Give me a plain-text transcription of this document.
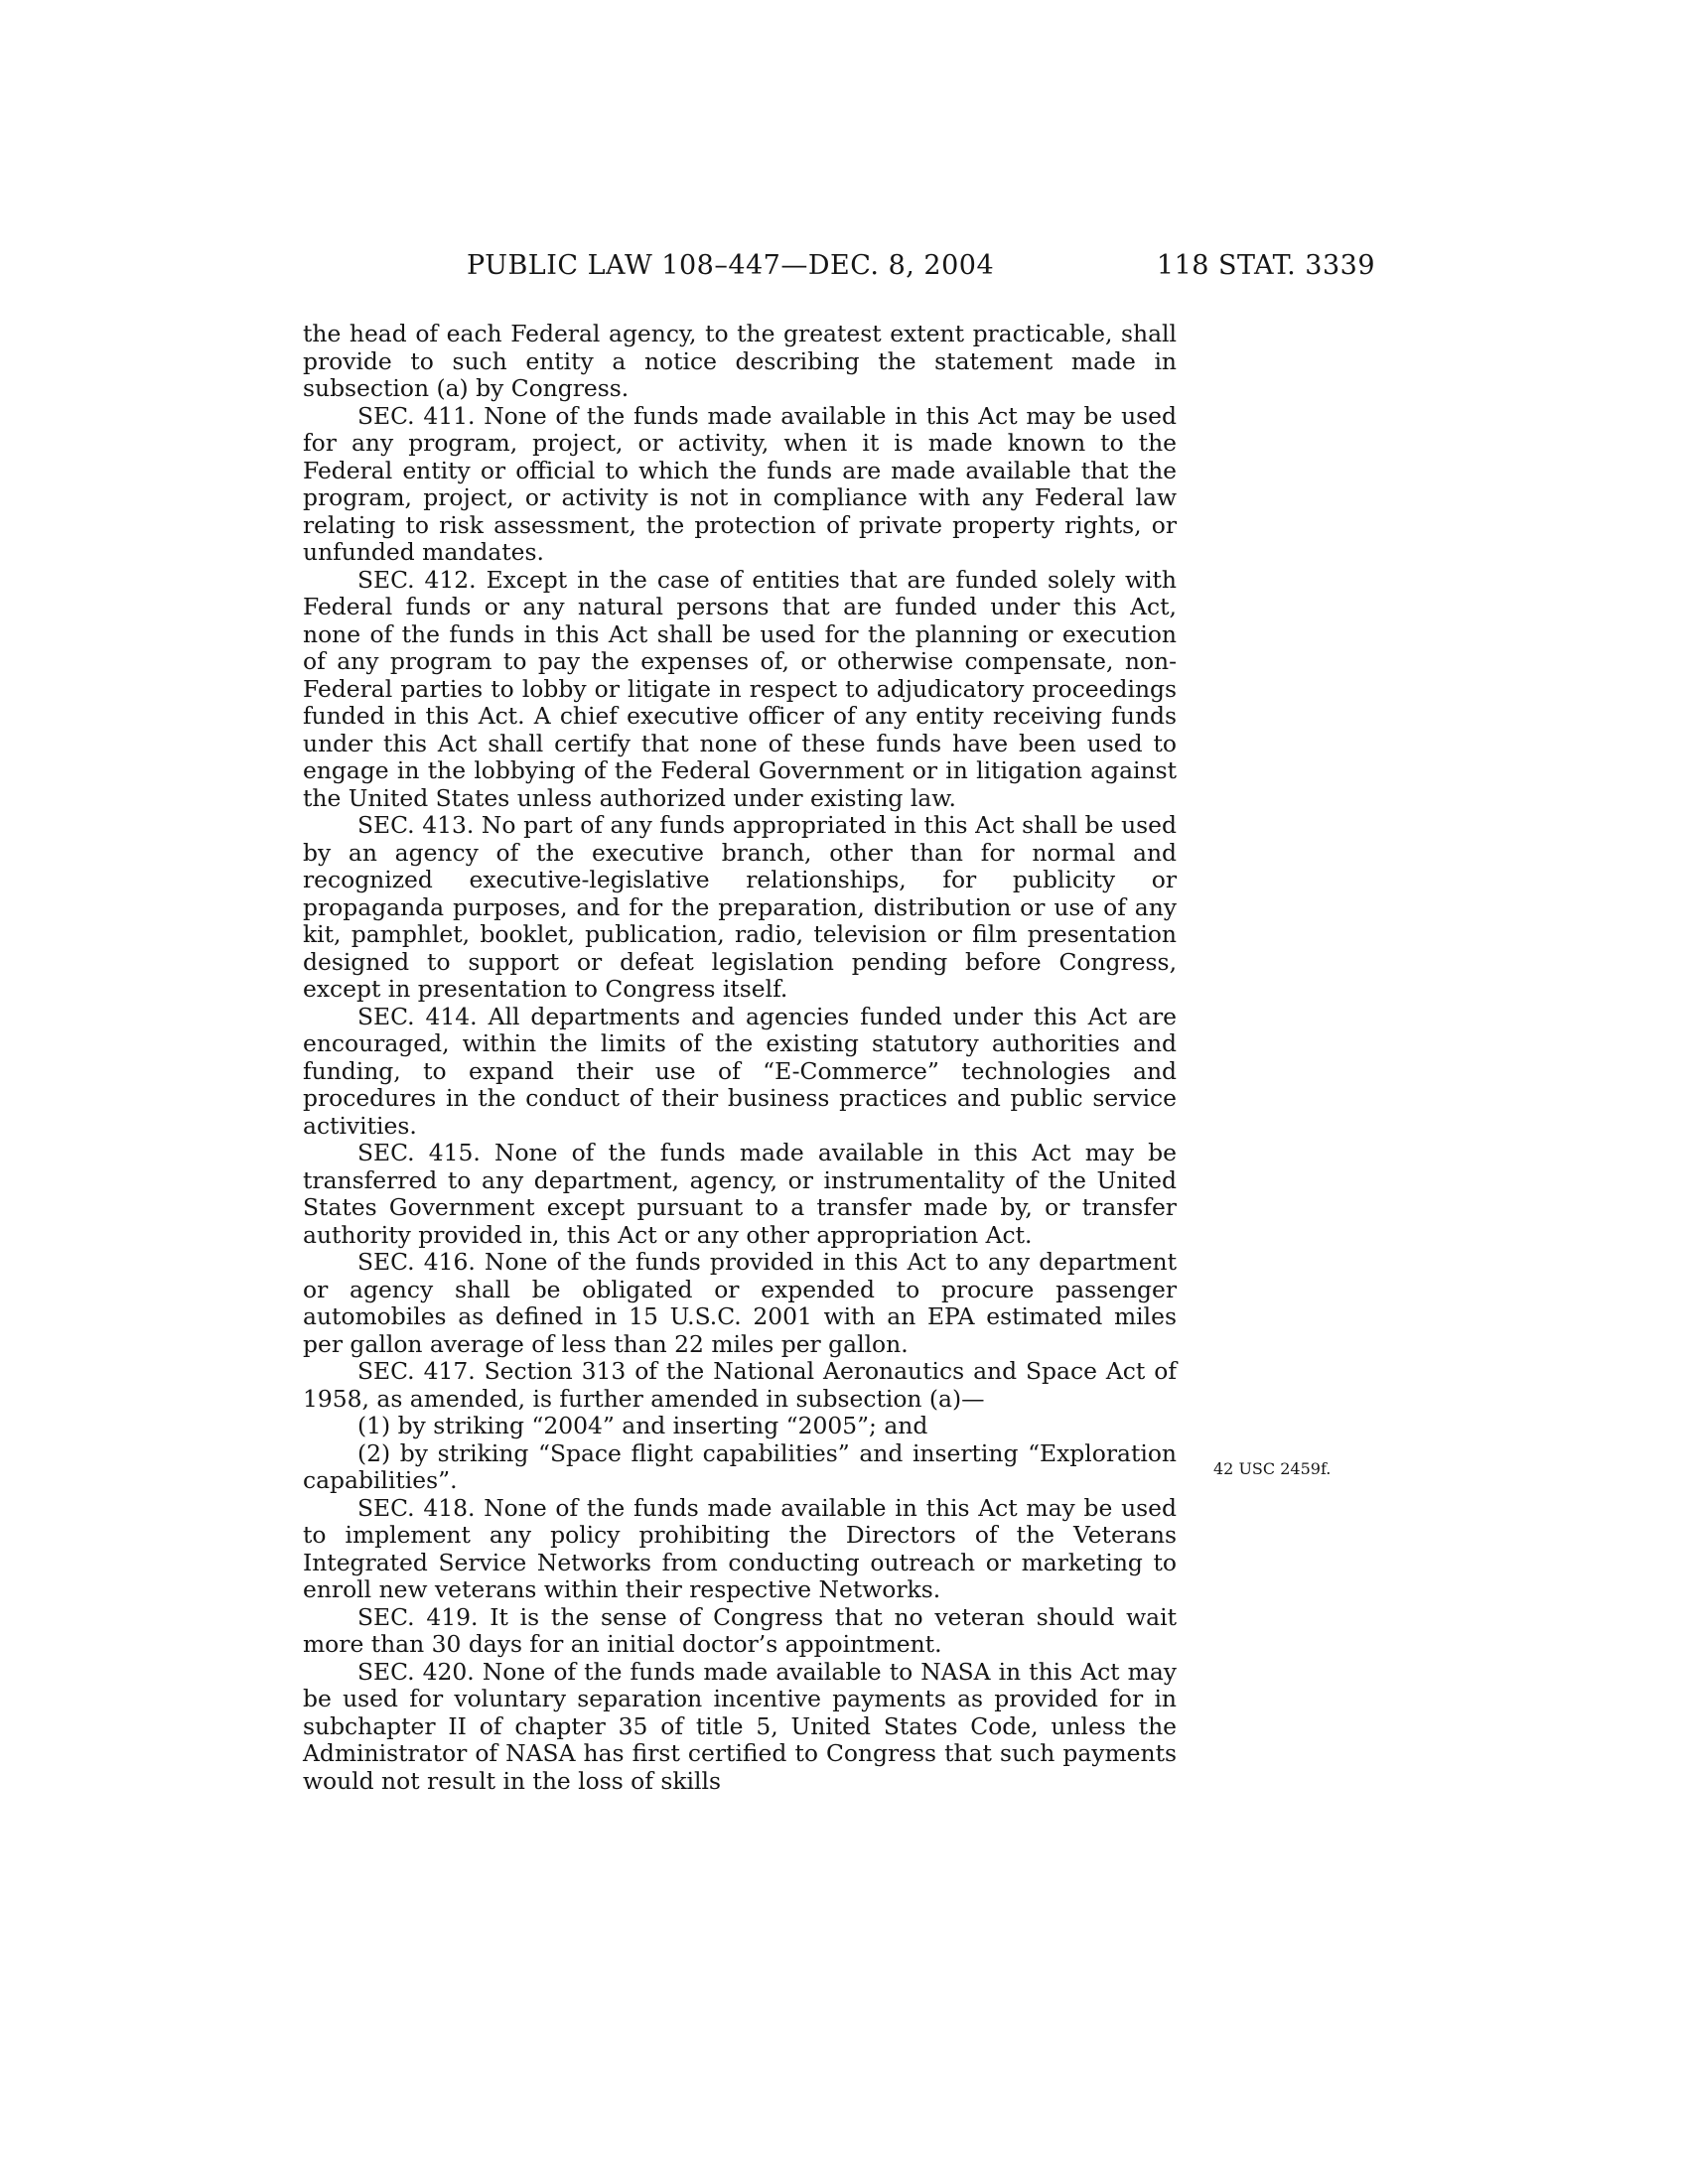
PUBLIC LAW 108–447—DEC. 8, 2004	118 STAT. 3339

the head of each Federal agency, to the greatest extent practicable, shall provide to such entity a notice describing the statement made in subsection (a) by Congress.

SEC. 411. None of the funds made available in this Act may be used for any program, project, or activity, when it is made known to the Federal entity or official to which the funds are made available that the program, project, or activity is not in compliance with any Federal law relating to risk assessment, the protection of private property rights, or unfunded mandates.

SEC. 412. Except in the case of entities that are funded solely with Federal funds or any natural persons that are funded under this Act, none of the funds in this Act shall be used for the planning or execution of any program to pay the expenses of, or otherwise compensate, non-Federal parties to lobby or litigate in respect to adjudicatory proceedings funded in this Act. A chief executive officer of any entity receiving funds under this Act shall certify that none of these funds have been used to engage in the lobbying of the Federal Government or in litigation against the United States unless authorized under existing law.

SEC. 413. No part of any funds appropriated in this Act shall be used by an agency of the executive branch, other than for normal and recognized executive-legislative relationships, for publicity or propaganda purposes, and for the preparation, distribution or use of any kit, pamphlet, booklet, publication, radio, television or film presentation designed to support or defeat legislation pending before Congress, except in presentation to Congress itself.

SEC. 414. All departments and agencies funded under this Act are encouraged, within the limits of the existing statutory authorities and funding, to expand their use of “E-Commerce” technologies and procedures in the conduct of their business practices and public service activities.

SEC. 415. None of the funds made available in this Act may be transferred to any department, agency, or instrumentality of the United States Government except pursuant to a transfer made by, or transfer authority provided in, this Act or any other appropriation Act.

SEC. 416. None of the funds provided in this Act to any department or agency shall be obligated or expended to procure passenger automobiles as defined in 15 U.S.C. 2001 with an EPA estimated miles per gallon average of less than 22 miles per gallon.

SEC. 417. Section 313 of the National Aeronautics and Space Act of 1958, as amended, is further amended in subsection (a)—

(1) by striking “2004” and inserting “2005”; and

(2) by striking “Space flight capabilities” and inserting “Exploration capabilities”.

SEC. 418. None of the funds made available in this Act may be used to implement any policy prohibiting the Directors of the Veterans Integrated Service Networks from conducting outreach or marketing to enroll new veterans within their respective Networks.

SEC. 419. It is the sense of Congress that no veteran should wait more than 30 days for an initial doctor’s appointment.

SEC. 420. None of the funds made available to NASA in this Act may be used for voluntary separation incentive payments as provided for in subchapter II of chapter 35 of title 5, United States Code, unless the Administrator of NASA has first certified to Congress that such payments would not result in the loss of skills

42 USC 2459f.
